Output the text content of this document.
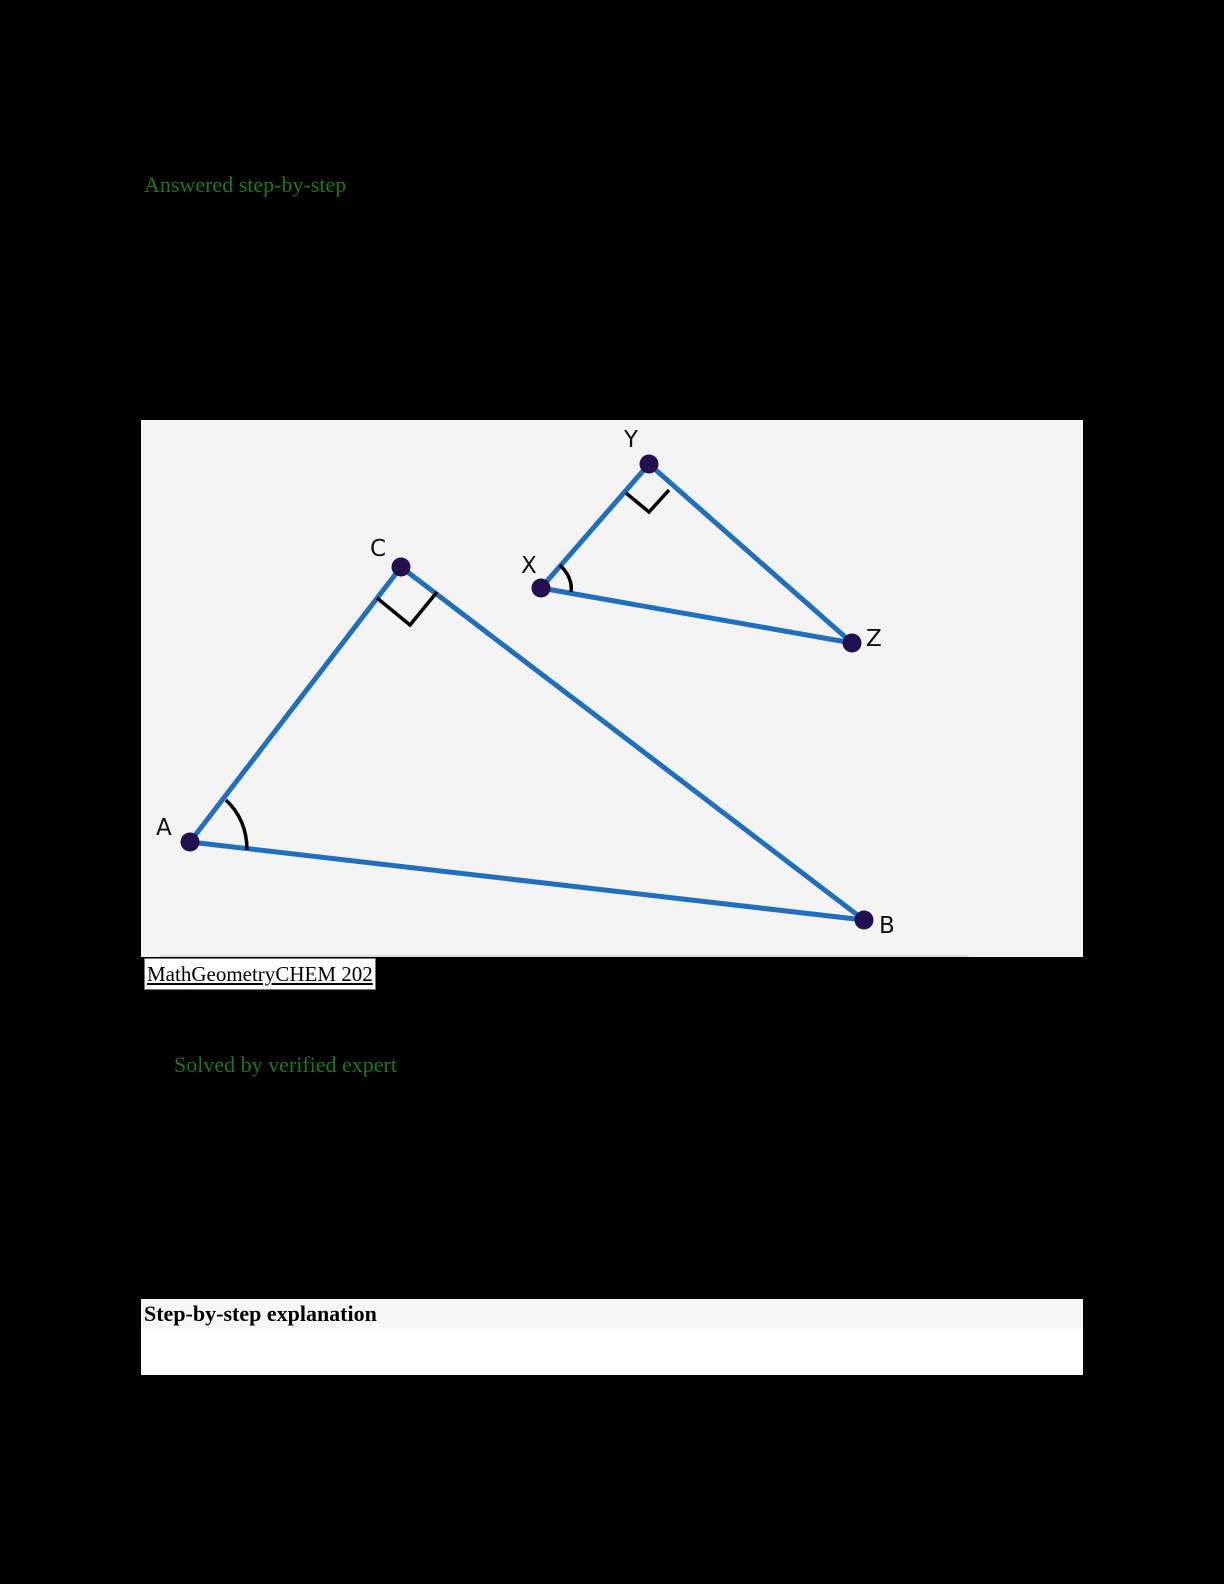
Answered step-by-step
A
B
C
X
Y
Z
MathGeometryCHEM 202
Solved by verified expert
Step-by-step explanation
